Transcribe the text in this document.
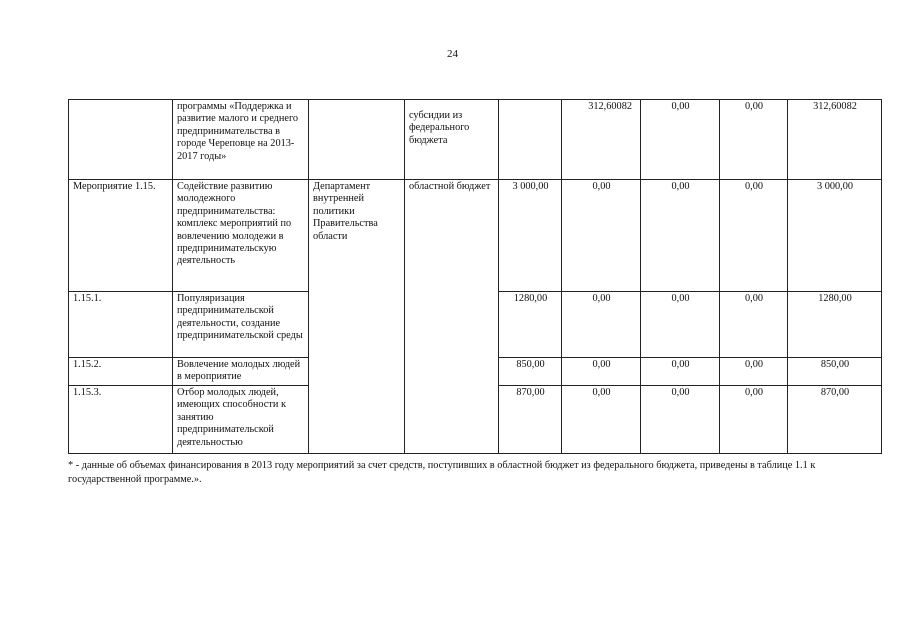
24
	программы «Поддержка и развитие малого и среднего предпринимательства в городе Череповце на 2013-2017 годы»		субсидии из федерального бюджета		312,60082	0,00	0,00	312,60082
Мероприятие 1.15.	Содействие развитию молодежного предпринимательства: комплекс мероприятий по вовлечению молодежи в предпринимательскую деятельность	Департамент внутренней политики Правительства области	областной бюджет	3 000,00	0,00	0,00	0,00	3 000,00
1.15.1.	Популяризация предпринимательской деятельности, создание предпринимательской среды			1280,00	0,00	0,00	0,00	1280,00
1.15.2.	Вовлечение молодых людей в мероприятие			850,00	0,00	0,00	0,00	850,00
1.15.3.	Отбор молодых людей, имеющих способности к занятию предпринимательской деятельностью			870,00	0,00	0,00	0,00	870,00
* - данные об объемах финансирования в 2013 году мероприятий за счет средств, поступивших в областной бюджет из федерального бюджета, приведены в таблице 1.1 к государственной программе.».
